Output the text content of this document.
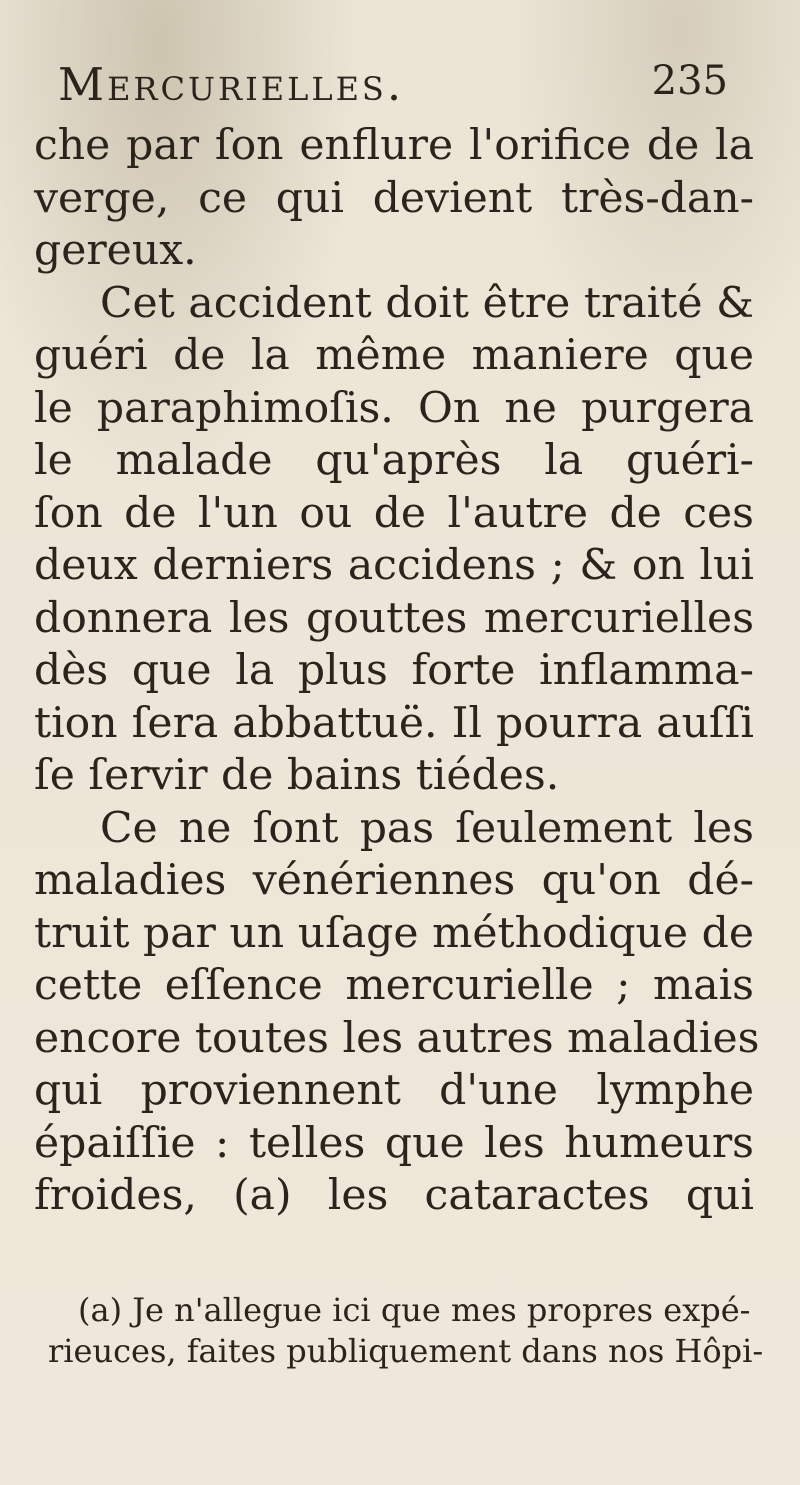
Mercurielles.	235
che par ſon enflure l'orifice de la
verge, ce qui devient très-dan-
gereux.
Cet accident doit être traité &
guéri de la même maniere que
le paraphimoſis. On ne purgera
le malade qu'après la guéri-
ſon de l'un ou de l'autre de ces
deux derniers accidens ; & on lui
donnera les gouttes mercurielles
dès que la plus forte inflamma-
tion ſera abbattuë. Il pourra auſſi
ſe ſervir de bains tiédes.
Ce ne ſont pas ſeulement les
maladies vénériennes qu'on dé-
truit par un uſage méthodique de
cette eſſence mercurielle ; mais
encore toutes les autres maladies
qui proviennent d'une lymphe
épaiſſie : telles que les humeurs
froides, (a) les cataractes qui
(a) Je n'allegue ici que mes propres expé-
rieuces, faites publiquement dans nos Hôpi-
